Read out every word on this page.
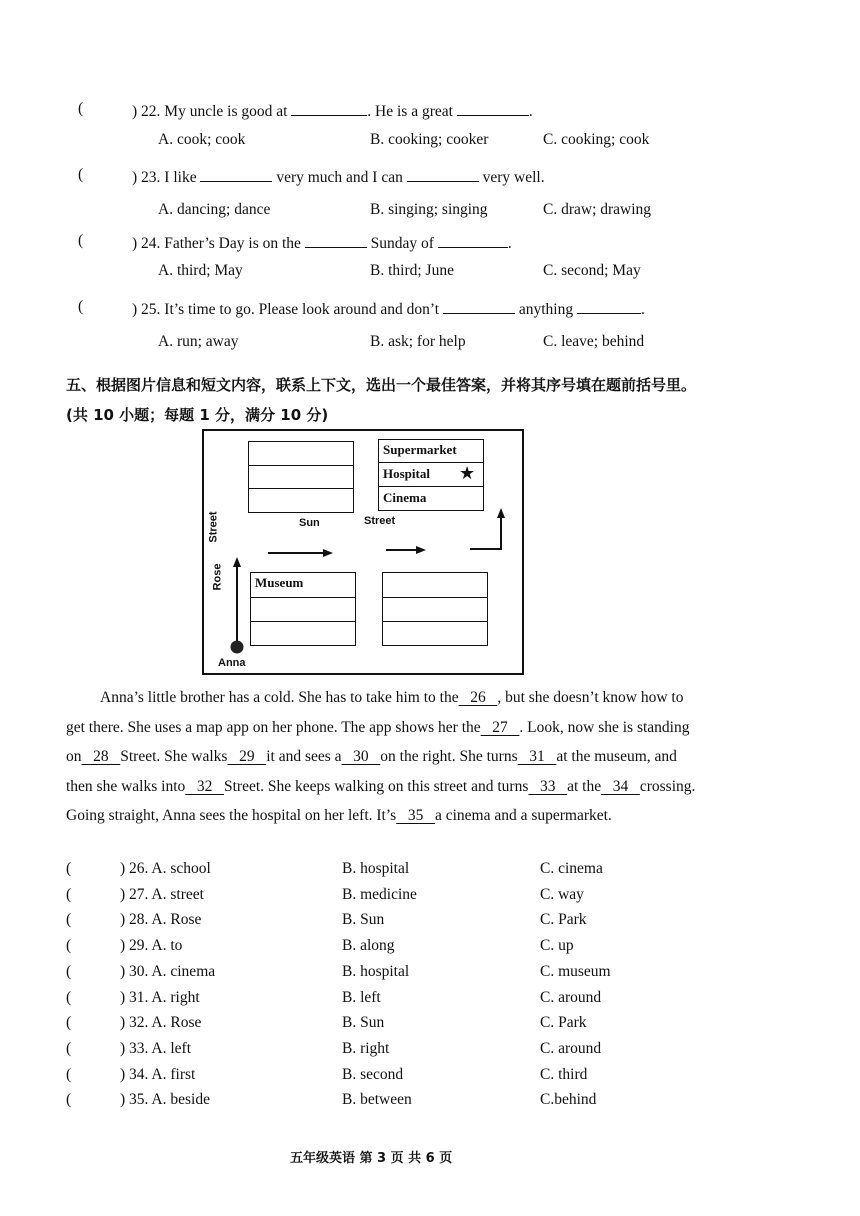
(	) 22. My uncle is good at	. He is a great	.
A. cook; cook	B. cooking; cooker	C. cooking; cook
(	) 23. I like	very much and I can	very well.
A. dancing; dance	B. singing; singing	C. draw; drawing
(	) 24. Father’s Day is on the	Sunday of	.
A. third; May	B. third; June	C. second; May
(	) 25. It’s time to go. Please look around and don’t	anything	.
A. run; away	B. ask; for help	C. leave; behind
五、根据图片信息和短文内容，联系上下文，选出一个最佳答案，并将其序号填在题前括号里。
(共 10 小题；每题 1 分，满分 10 分)
Supermarket
Hospital ★
Cinema
Sun	Street
Street
Rose Museum
Anna
Anna’s little brother has a cold. She has to take him to the   26   , but she doesn’t know how to get there. She uses a map app on her phone. The app shows her the   27   . Look, now she is standing on   28   Street. She walks   29   it and sees a   30   on the right. She turns   31   at the museum, and then she walks into   32   Street. She keeps walking on this street and turns   33   at the   34   crossing. Going straight, Anna sees the hospital on her left. It’s   35   a cinema and a supermarket.
(	) 26. A. school	B. hospital	C. cinema
(	) 27. A. street	B. medicine	C. way
(	) 28. A. Rose	B. Sun	C. Park
(	) 29. A. to	B. along	C. up
(	) 30. A. cinema	B. hospital	C. museum
(	) 31. A. right	B. left	C. around
(	) 32. A. Rose	B. Sun	C. Park
(	) 33. A. left	B. right	C. around
(	) 34. A. first	B. second	C. third
(	) 35. A. beside	B. between	C.behind
五年级英语 第 3 页 共 6 页
